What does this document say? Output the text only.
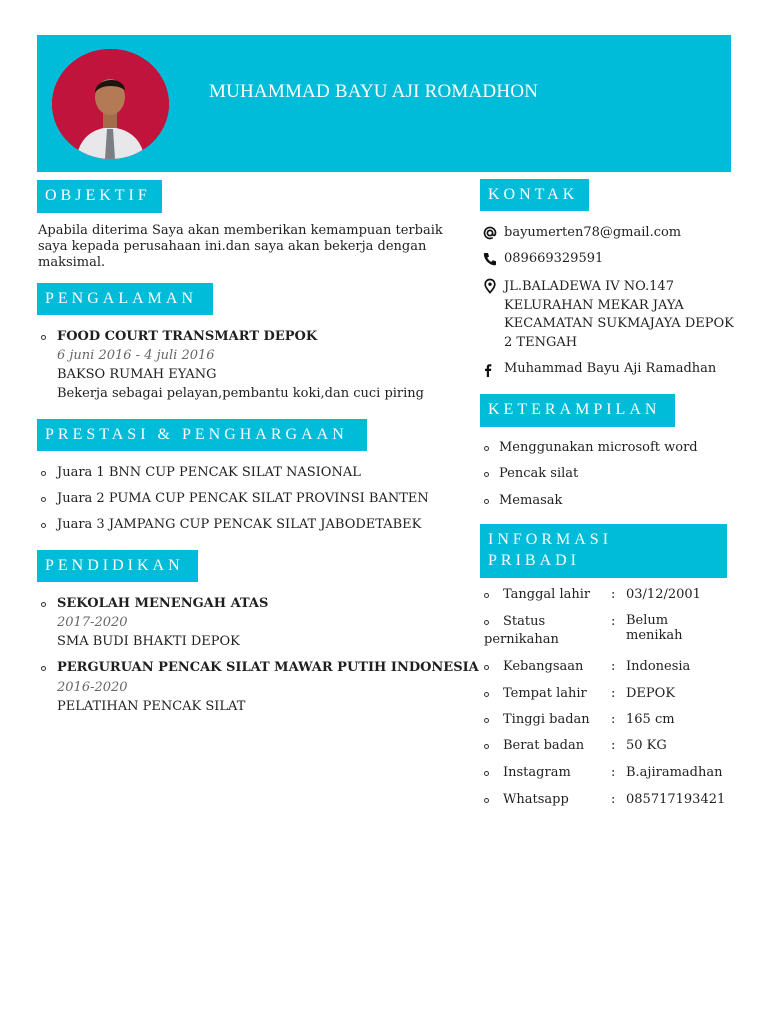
MUHAMMAD BAYU AJI ROMADHON
OBJEKTIF
Apabila diterima Saya akan memberikan kemampuan terbaik
saya kepada perusahaan ini.dan saya akan bekerja dengan
maksimal.
PENGALAMAN
FOOD COURT TRANSMART DEPOK
6 juni 2016 - 4 juli 2016
BAKSO RUMAH EYANG
Bekerja sebagai pelayan,pembantu koki,dan cuci piring
PRESTASI & PENGHARGAAN
Juara 1 BNN CUP PENCAK SILAT NASIONAL
Juara 2 PUMA CUP PENCAK SILAT PROVINSI BANTEN
Juara 3 JAMPANG CUP PENCAK SILAT JABODETABEK
PENDIDIKAN
SEKOLAH MENENGAH ATAS
2017-2020
SMA BUDI BHAKTI DEPOK
PERGURUAN PENCAK SILAT MAWAR PUTIH INDONESIA
2016-2020
PELATIHAN PENCAK SILAT
KONTAK
bayumerten78@gmail.com
089669329591
JL.BALADEWA IV NO.147
KELURAHAN MEKAR JAYA
KECAMATAN SUKMAJAYA DEPOK
2 TENGAH
Muhammad Bayu Aji Ramadhan
KETERAMPILAN
Menggunakan microsoft word
Pencak silat
Memasak
INFORMASI
PRIBADI
Tanggal lahir : 03/12/2001
Status
pernikahan
: Belum
menikah
Kebangsaan : Indonesia
Tempat lahir : DEPOK
Tinggi badan : 165 cm
Berat badan : 50 KG
Instagram	: B.ajiramadhan
Whatsapp	: 085717193421
